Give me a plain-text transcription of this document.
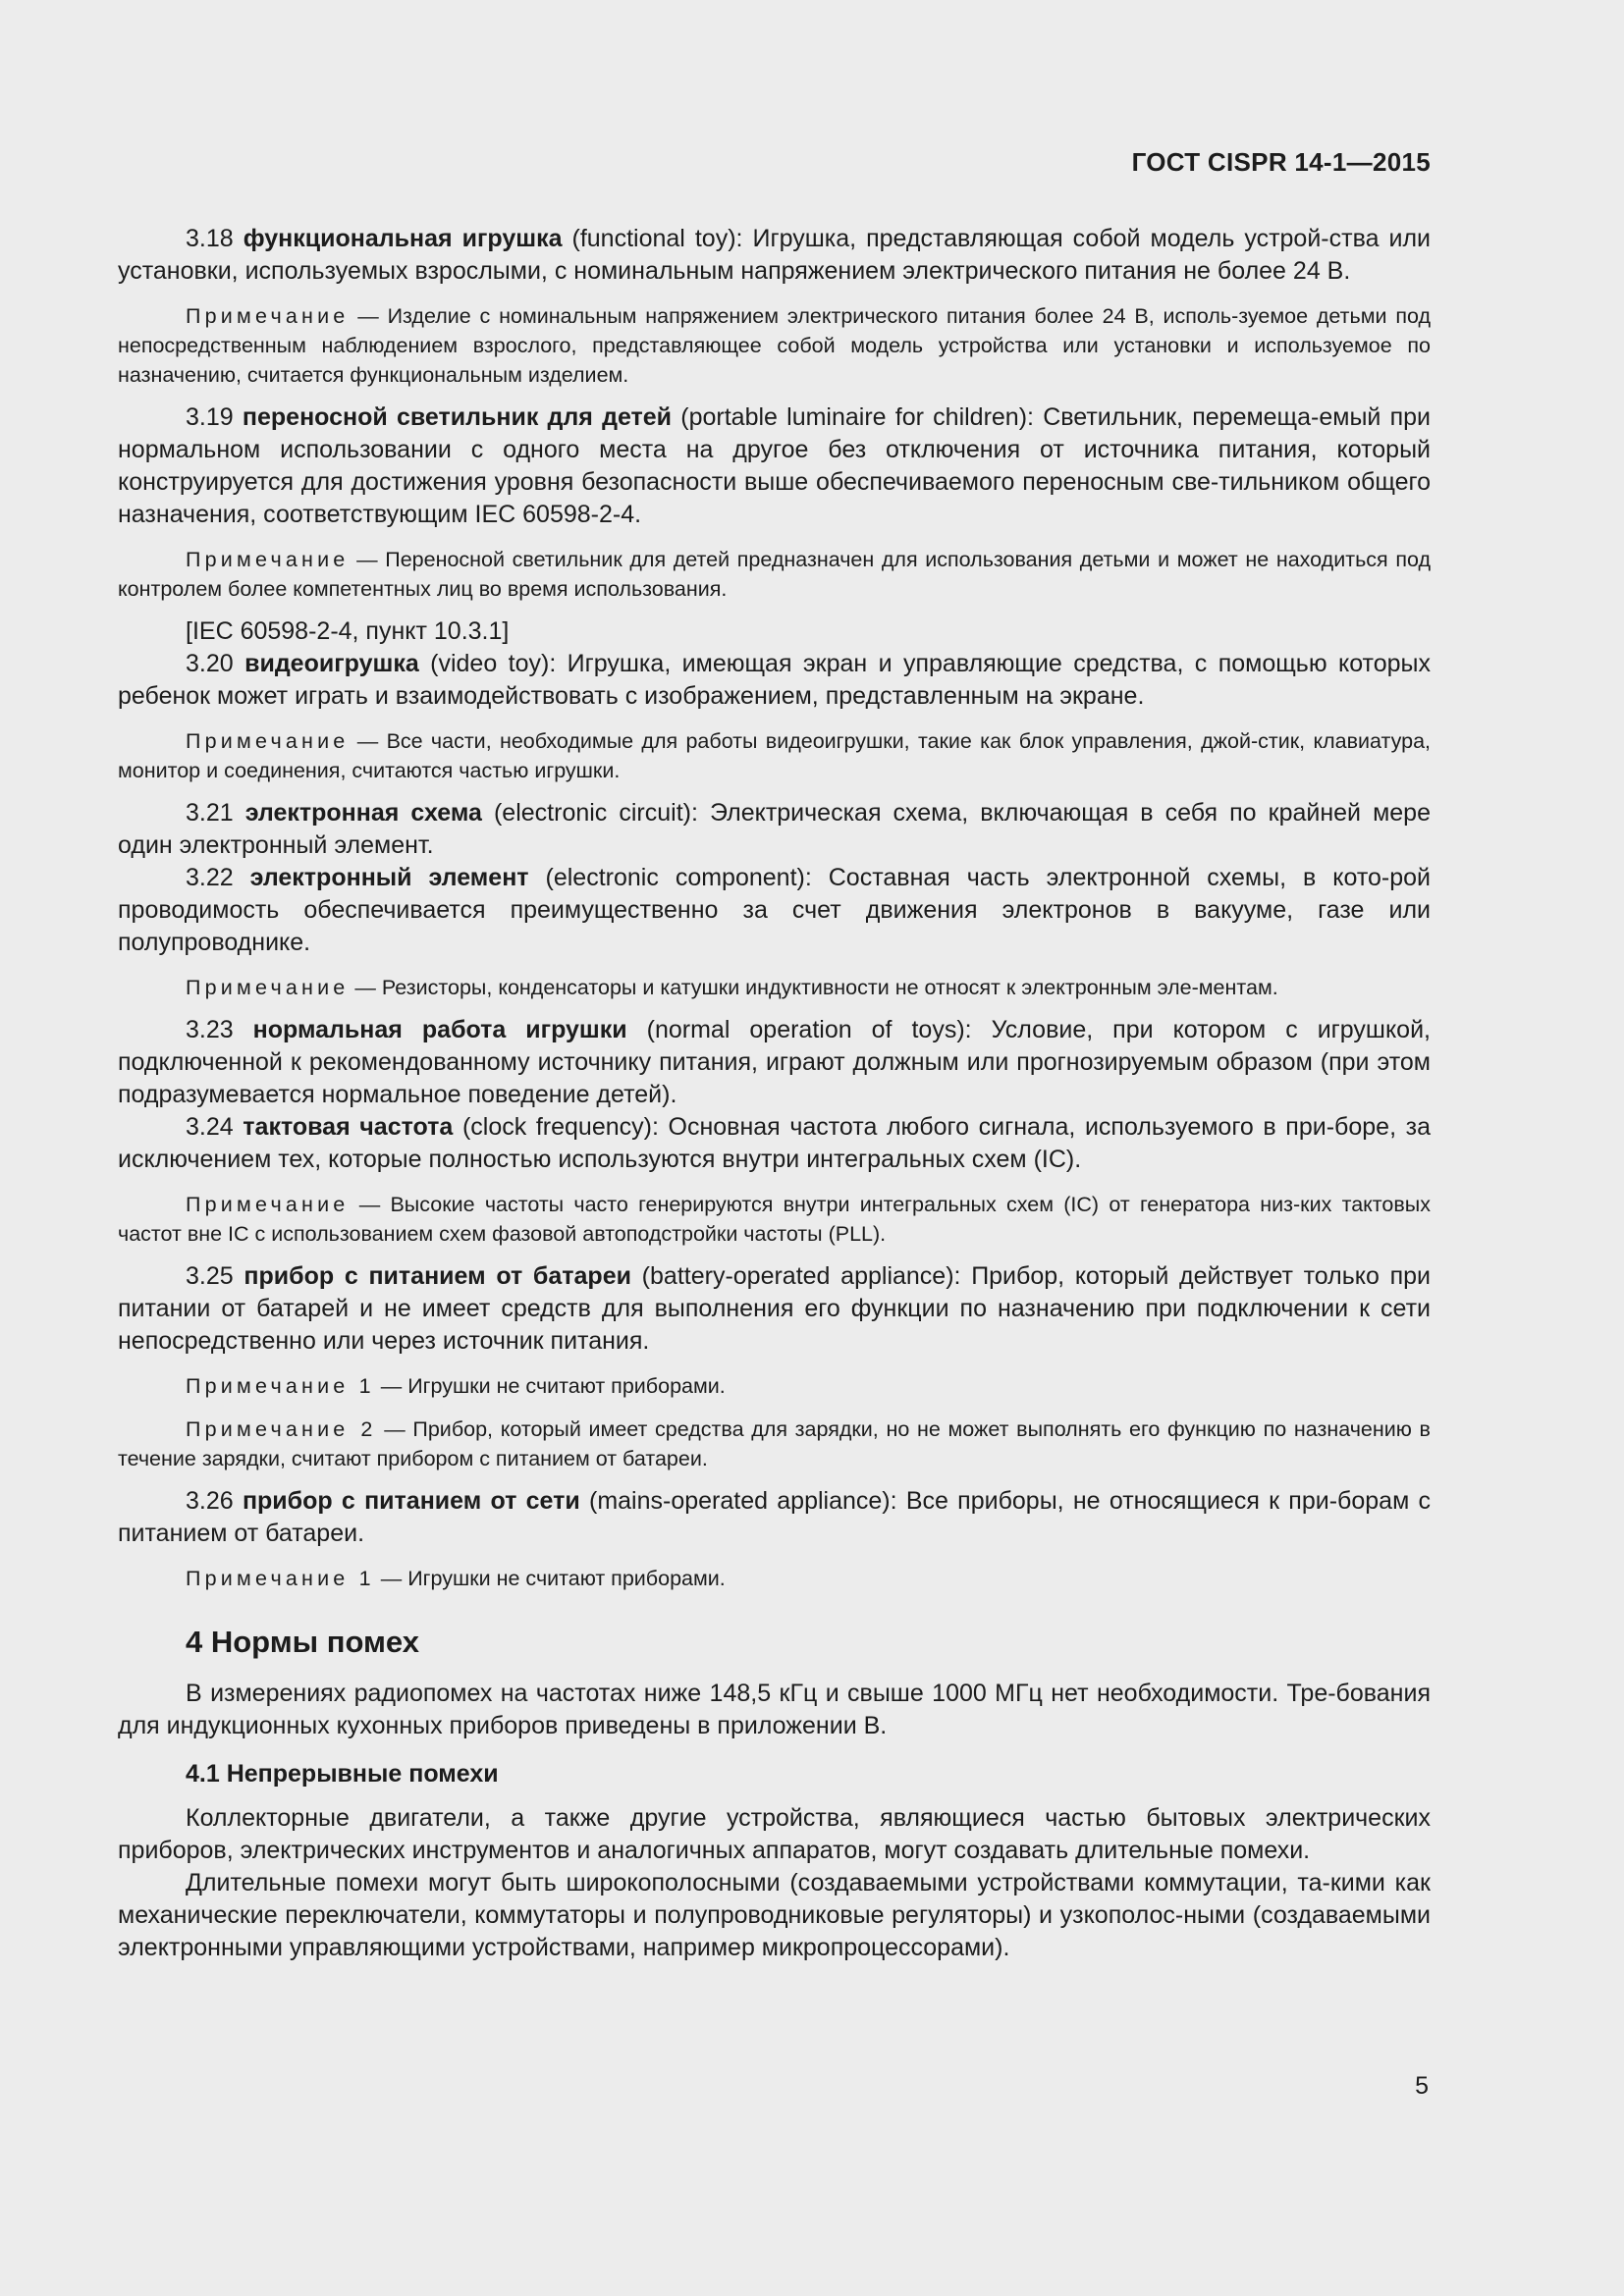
ГОСТ CISPR 14-1—2015

3.18 функциональная игрушка (functional toy): Игрушка, представляющая собой модель устрой-ства или установки, используемых взрослыми, с номинальным напряжением электрического питания не более 24 В.

Примечание — Изделие с номинальным напряжением электрического питания более 24 В, исполь-зуемое детьми под непосредственным наблюдением взрослого, представляющее собой модель устройства или установки и используемое по назначению, считается функциональным изделием.

3.19 переносной светильник для детей (portable luminaire for children): Светильник, перемеща-емый при нормальном использовании с одного места на другое без отключения от источника питания, который конструируется для достижения уровня безопасности выше обеспечиваемого переносным све-тильником общего назначения, соответствующим IEC 60598-2-4.

Примечание — Переносной светильник для детей предназначен для использования детьми и может не находиться под контролем более компетентных лиц во время использования.

[IEC 60598-2-4, пункт 10.3.1]

3.20 видеоигрушка (video toy): Игрушка, имеющая экран и управляющие средства, с помощью которых ребенок может играть и взаимодействовать с изображением, представленным на экране.

Примечание — Все части, необходимые для работы видеоигрушки, такие как блок управления, джой-стик, клавиатура, монитор и соединения, считаются частью игрушки.

3.21 электронная схема (electronic circuit): Электрическая схема, включающая в себя по крайней мере один электронный элемент.

3.22 электронный элемент (electronic component): Составная часть электронной схемы, в кото-рой проводимость обеспечивается преимущественно за счет движения электронов в вакууме, газе или полупроводнике.

Примечание — Резисторы, конденсаторы и катушки индуктивности не относят к электронным эле-ментам.

3.23 нормальная работа игрушки (normal operation of toys): Условие, при котором с игрушкой, подключенной к рекомендованному источнику питания, играют должным или прогнозируемым образом (при этом подразумевается нормальное поведение детей).

3.24 тактовая частота (clock frequency): Основная частота любого сигнала, используемого в при-боре, за исключением тех, которые полностью используются внутри интегральных схем (IC).

Примечание — Высокие частоты часто генерируются внутри интегральных схем (IC) от генератора низ-ких тактовых частот вне IC с использованием схем фазовой автоподстройки частоты (PLL).

3.25 прибор с питанием от батареи (battery-operated appliance): Прибор, который действует только при питании от батарей и не имеет средств для выполнения его функции по назначению при подключении к сети непосредственно или через источник питания.

Примечание 1 — Игрушки не считают приборами.

Примечание 2 — Прибор, который имеет средства для зарядки, но не может выполнять его функцию по назначению в течение зарядки, считают прибором с питанием от батареи.

3.26 прибор с питанием от сети (mains-operated appliance): Все приборы, не относящиеся к при-борам с питанием от батареи.

Примечание 1 — Игрушки не считают приборами.

4 Нормы помех

В измерениях радиопомех на частотах ниже 148,5 кГц и свыше 1000 МГц нет необходимости. Тре-бования для индукционных кухонных приборов приведены в приложении В.

4.1 Непрерывные помехи

Коллекторные двигатели, а также другие устройства, являющиеся частью бытовых электрических приборов, электрических инструментов и аналогичных аппаратов, могут создавать длительные помехи.

Длительные помехи могут быть широкополосными (создаваемыми устройствами коммутации, та-кими как механические переключатели, коммутаторы и полупроводниковые регуляторы) и узкополос-ными (создаваемыми электронными управляющими устройствами, например микропроцессорами).

5
